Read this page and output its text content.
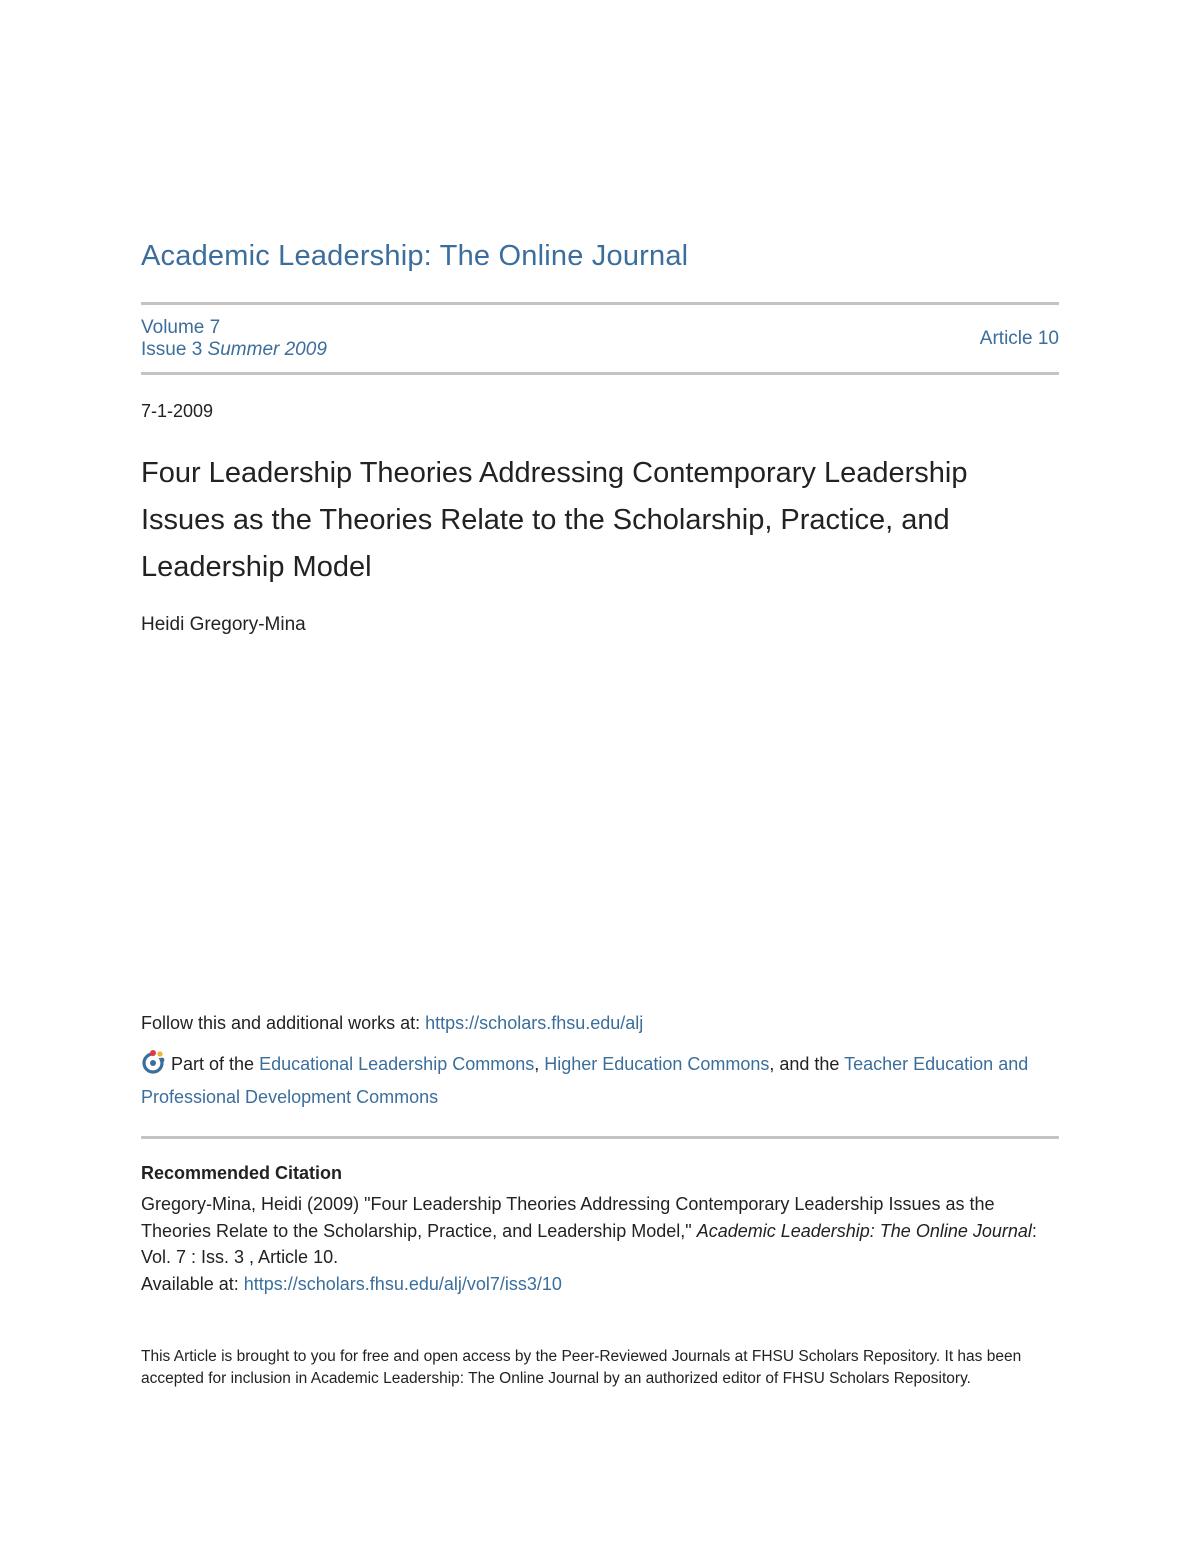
Academic Leadership: The Online Journal
Volume 7
Issue 3 Summer 2009
Article 10
7-1-2009
Four Leadership Theories Addressing Contemporary Leadership Issues as the Theories Relate to the Scholarship, Practice, and Leadership Model
Heidi Gregory-Mina
Follow this and additional works at: https://scholars.fhsu.edu/alj
Part of the Educational Leadership Commons, Higher Education Commons, and the Teacher Education and Professional Development Commons
Recommended Citation
Gregory-Mina, Heidi (2009) "Four Leadership Theories Addressing Contemporary Leadership Issues as the Theories Relate to the Scholarship, Practice, and Leadership Model," Academic Leadership: The Online Journal: Vol. 7 : Iss. 3 , Article 10.
Available at: https://scholars.fhsu.edu/alj/vol7/iss3/10
This Article is brought to you for free and open access by the Peer-Reviewed Journals at FHSU Scholars Repository. It has been accepted for inclusion in Academic Leadership: The Online Journal by an authorized editor of FHSU Scholars Repository.
